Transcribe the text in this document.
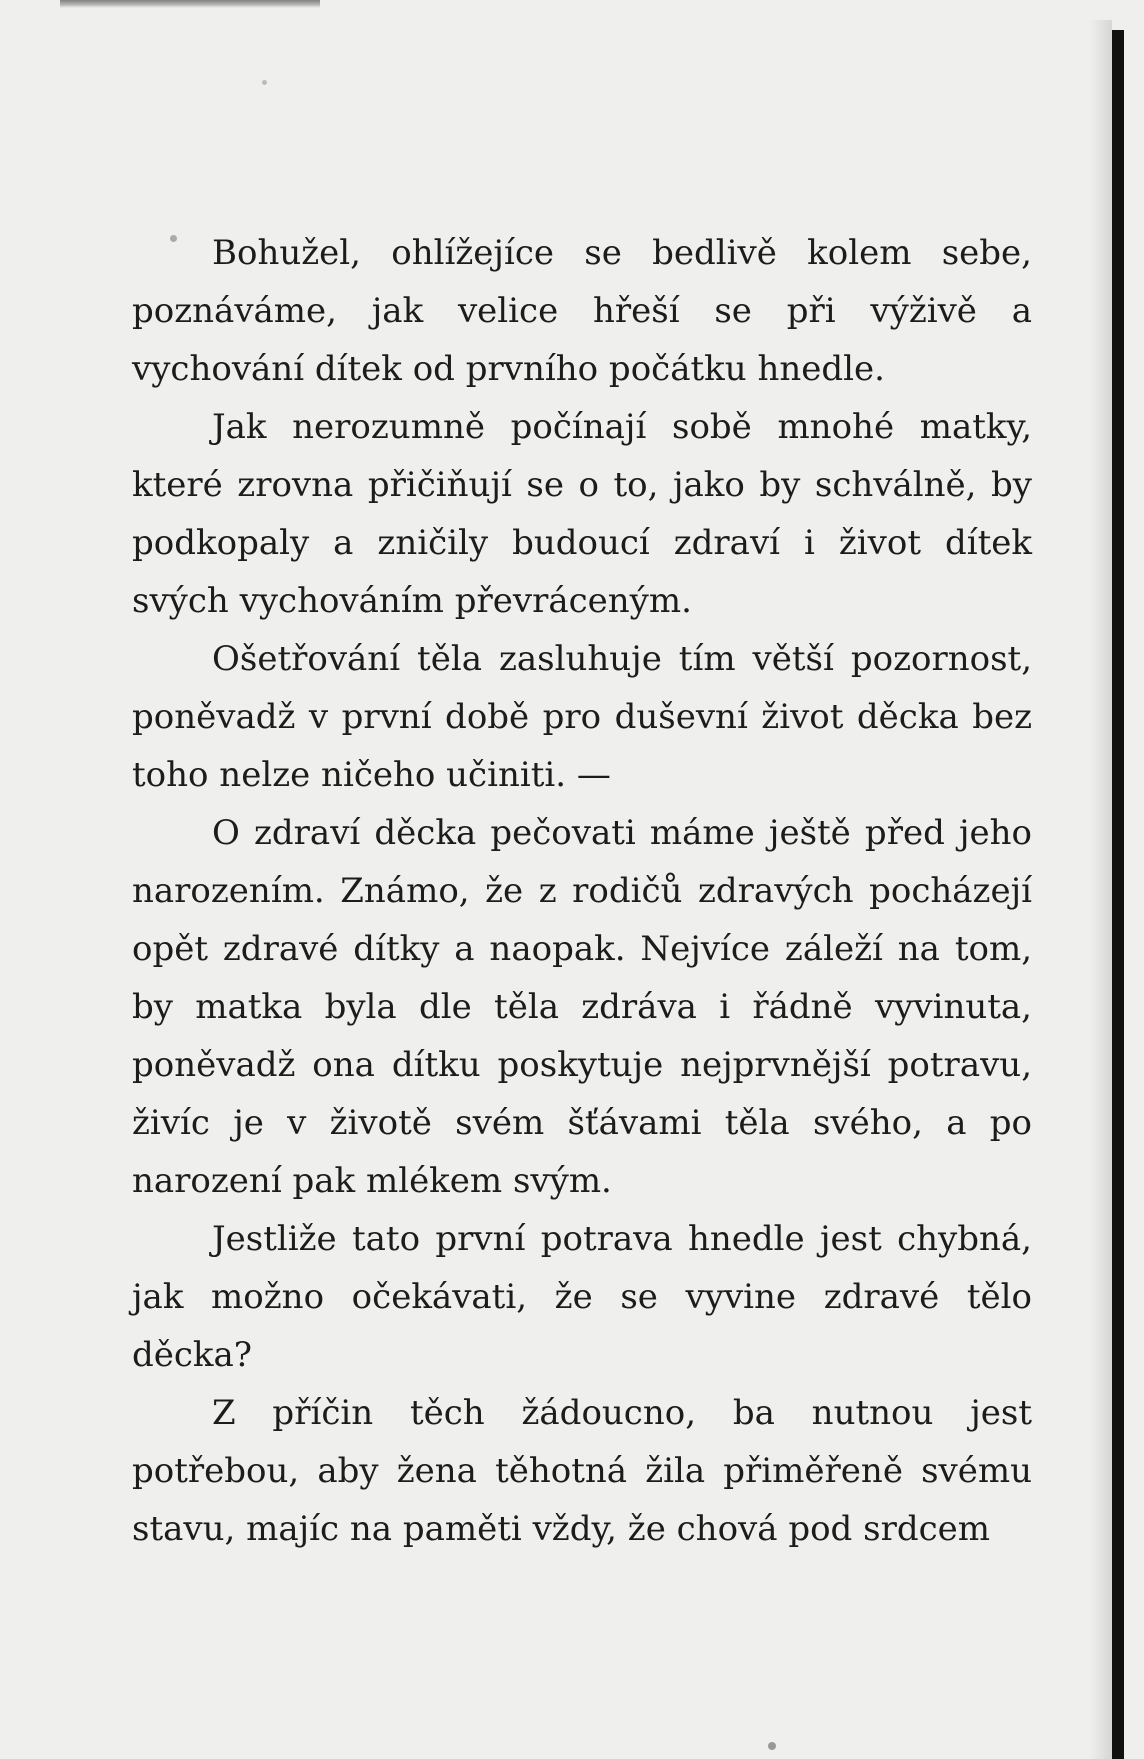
Bohužel, ohlížejíce se bedlivě kolem sebe, poznáváme, jak velice hřeší se při výživě a vychování dítek od prvního počátku hnedle.

Jak nerozumně počínají sobě mnohé matky, které zrovna přičiňují se o to, jako by schválně, by podkopaly a zničily budoucí zdraví i život dítek svých vychováním převráceným.

Ošetřování těla zasluhuje tím větší pozornost, poněvadž v první době pro duševní život děcka bez toho nelze ničeho učiniti. —

O zdraví děcka pečovati máme ještě před jeho narozením. Známo, že z rodičů zdravých pocházejí opět zdravé dítky a naopak. Nejvíce záleží na tom, by matka byla dle těla zdráva i řádně vyvinuta, poněvadž ona dítku poskytuje nejprvnější potravu, živíc je v životě svém šťávami těla svého, a po narození pak mlékem svým.

Jestliže tato první potrava hnedle jest chybná, jak možno očekávati, že se vyvine zdravé tělo děcka?

Z příčin těch žádoucno, ba nutnou jest potřebou, aby žena těhotná žila přiměřeně svému stavu, majíc na paměti vždy, že chová pod srdcem
